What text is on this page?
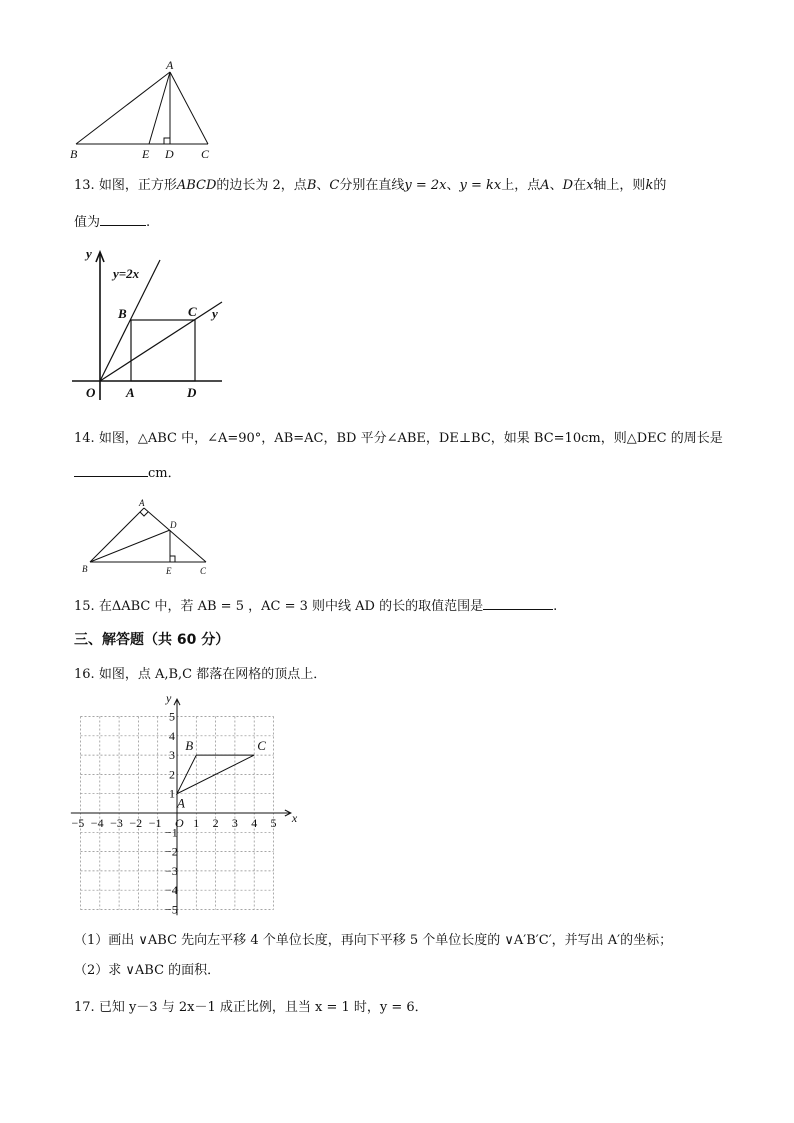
A
B	E D C
13. 如图，正方形ABCD的边长为 2，点B、C分别在直线y = 2x、y = kx上，点A、D在x轴上，则k的
值为	.
y
y=2x
y
B	C
O A	D
14. 如图，△ABC 中，∠A=90°，AB=AC，BD 平分∠ABE，DE⊥BC，如果 BC=10cm，则△DEC 的周长是
cm．
A
B	C
D
E
15. 在ΔABC 中，若 AB = 5 ，AC = 3 则中线 AD 的长的取值范围是	.
三、解答题（共 60 分）
16. 如图，点 A,B,C 都落在网格的顶点上．
−5 −4 −3 −2 −1	1 2 3 4 5
5
4
3
2
1
−1
−2
−3
−4
−5
O	x
y
A
B	C
（1）画出 ∨ABC 先向左平移 4 个单位长度，再向下平移 5 个单位长度的 ∨A′B′C′，并写出 A′的坐标；
（2）求 ∨ABC 的面积．
17. 已知 y－3 与 2x－1 成正比例，且当 x = 1 时，y = 6．
